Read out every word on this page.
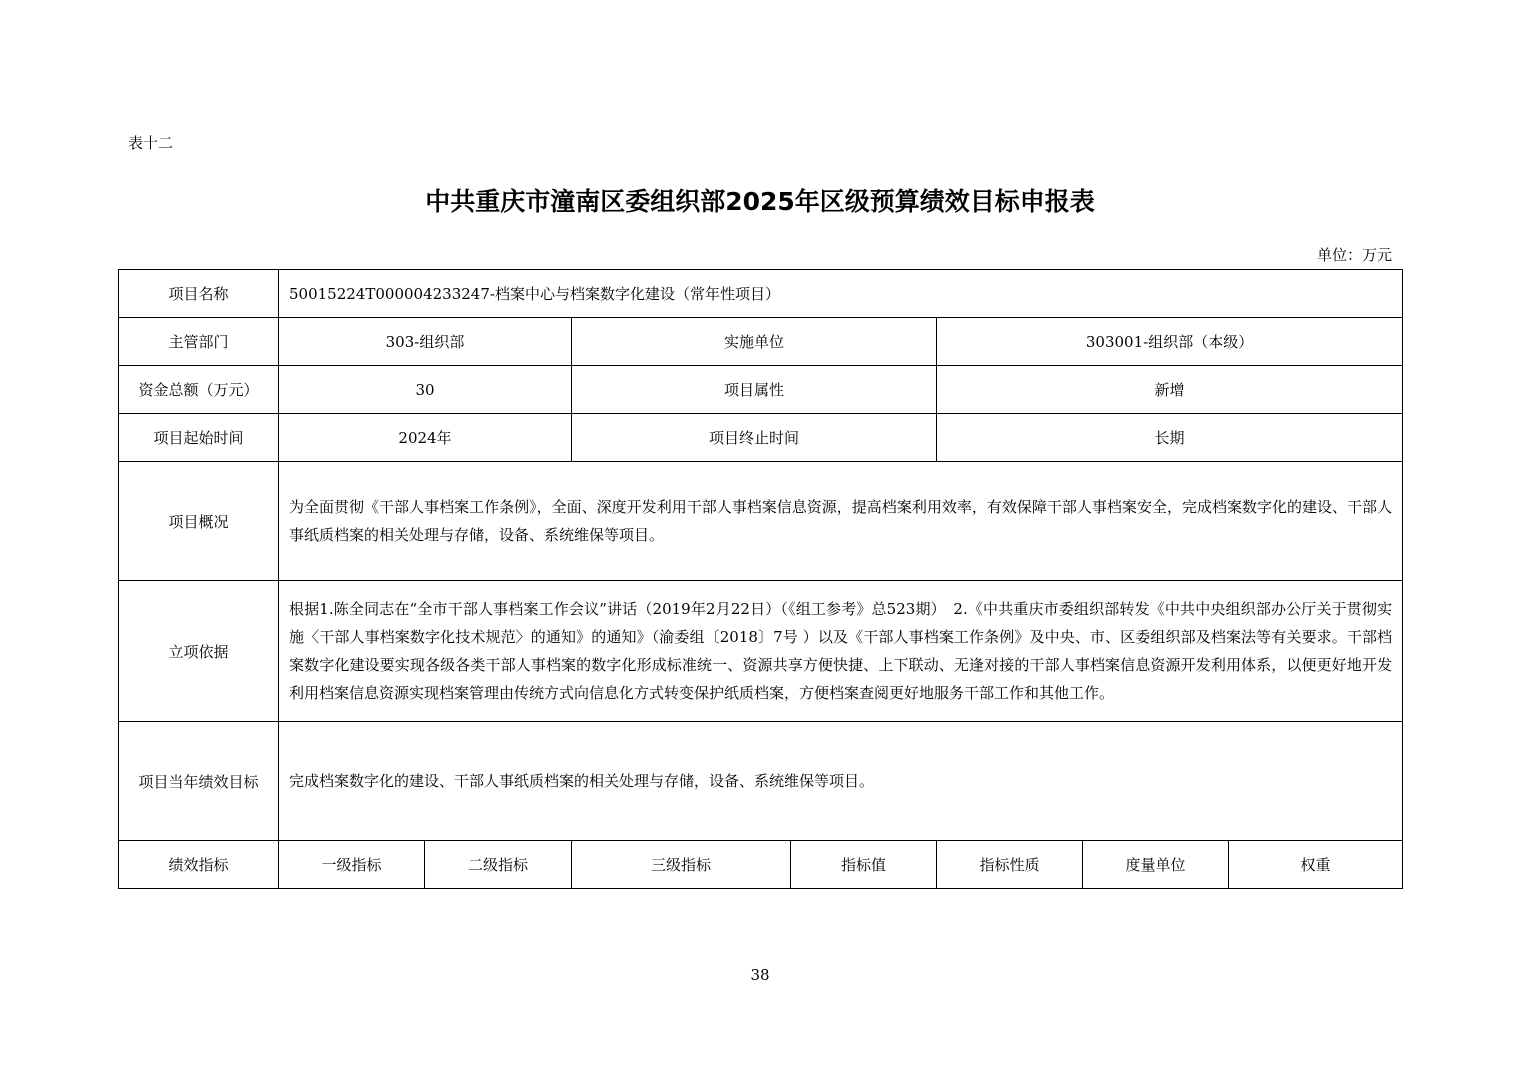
表十二
中共重庆市潼南区委组织部2025年区级预算绩效目标申报表
单位：万元
项目名称	50015224T000004233247-档案中心与档案数字化建设（常年性项目）						
主管部门	303-组织部		实施单位		303001-组织部（本级）		
资金总额（万元）	30		项目属性		新增		
项目起始时间	2024年		项目终止时间		长期		
项目概况	为全面贯彻《干部人事档案工作条例》，全面、深度开发利用干部人事档案信息资源，提高档案利用效率，有效保障干部人事档案安全，完成档案数字化的建设、干部人事纸质档案的相关处理与存储，设备、系统维保等项目。						
立项依据	根据1.陈全同志在“全市干部人事档案工作会议”讲话（2019年2月22日）（《组工参考》总523期）　2.《中共重庆市委组织部转发《中共中央组织部办公厅关于贯彻实施〈干部人事档案数字化技术规范〉的通知》的通知》（渝委组〔2018〕7号 ）以及《干部人事档案工作条例》及中央、市、区委组织部及档案法等有关要求。干部档案数字化建设要实现各级各类干部人事档案的数字化形成标准统一、资源共享方便快捷、上下联动、无逢对接的干部人事档案信息资源开发利用体系，以便更好地开发利用档案信息资源实现档案管理由传统方式向信息化方式转变保护纸质档案，方便档案查阅更好地服务干部工作和其他工作。						
项目当年绩效目标	完成档案数字化的建设、干部人事纸质档案的相关处理与存储，设备、系统维保等项目。						
绩效指标	一级指标	二级指标	三级指标	指标值	指标性质	度量单位	权重
38
